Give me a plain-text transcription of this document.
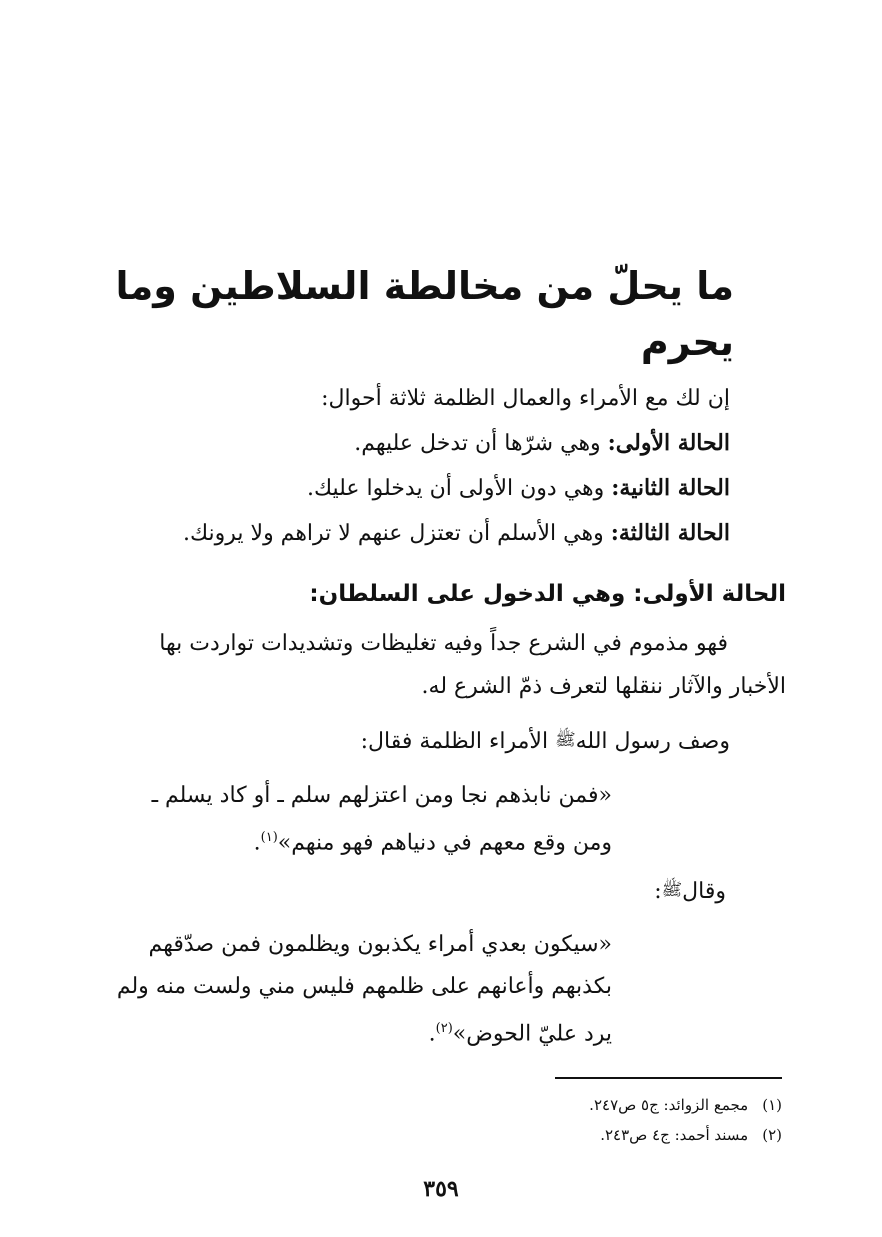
ما يحلّ من مخالطة السلاطين وما يحرم
إن لك مع الأمراء والعمال الظلمة ثلاثة أحوال:
الحالة الأولى: وهي شرّها أن تدخل عليهم.
الحالة الثانية: وهي دون الأولى أن يدخلوا عليك.
الحالة الثالثة: وهي الأسلم أن تعتزل عنهم لا تراهم ولا يرونك.
الحالة الأولى: وهي الدخول على السلطان:
فهو مذموم في الشرع جداً وفيه تغليظات وتشديدات تواردت بها
الأخبار والآثار ننقلها لتعرف ذمّ الشرع له.
وصف رسول اللهﷺ الأمراء الظلمة فقال:
«فمن نابذهم نجا ومن اعتزلهم سلم ـ أو كاد يسلم ـ
ومن وقع معهم في دنياهم فهو منهم»$^{(١)}$.
وقالﷺ:
«سيكون بعدي أمراء يكذبون ويظلمون فمن صدّقهم
بكذبهم وأعانهم على ظلمهم فليس مني ولست منه ولم
يرد عليّ الحوض»$^{(٢)}$.
(١)مجمع الزوائد: ج٥ ص٢٤٧.
(٢)مسند أحمد: ج٤ ص٢٤٣.
٣٥٩
